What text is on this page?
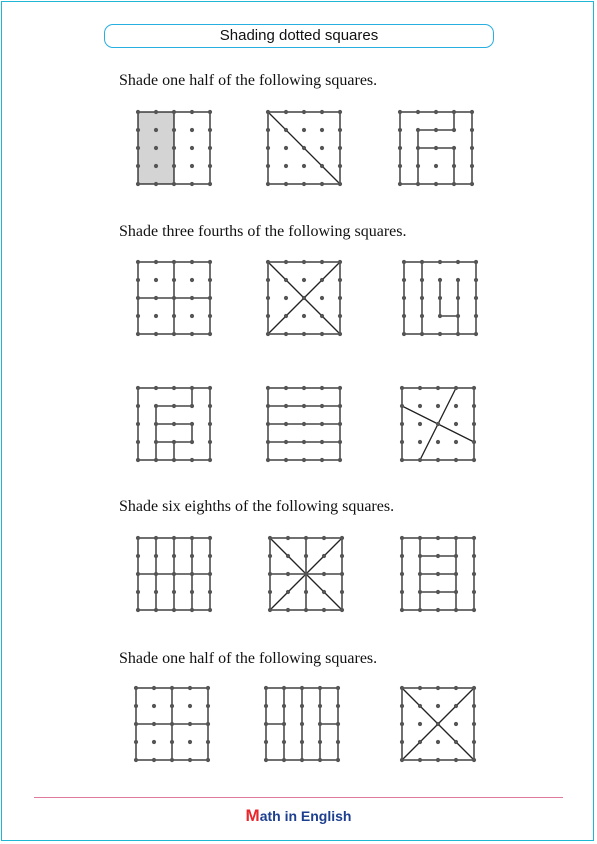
Shading dotted squares
Shade one half of the following squares.
Shade three fourths of the following squares.
Shade six eighths of the following squares.
Shade one half of the following squares.
Math in English
